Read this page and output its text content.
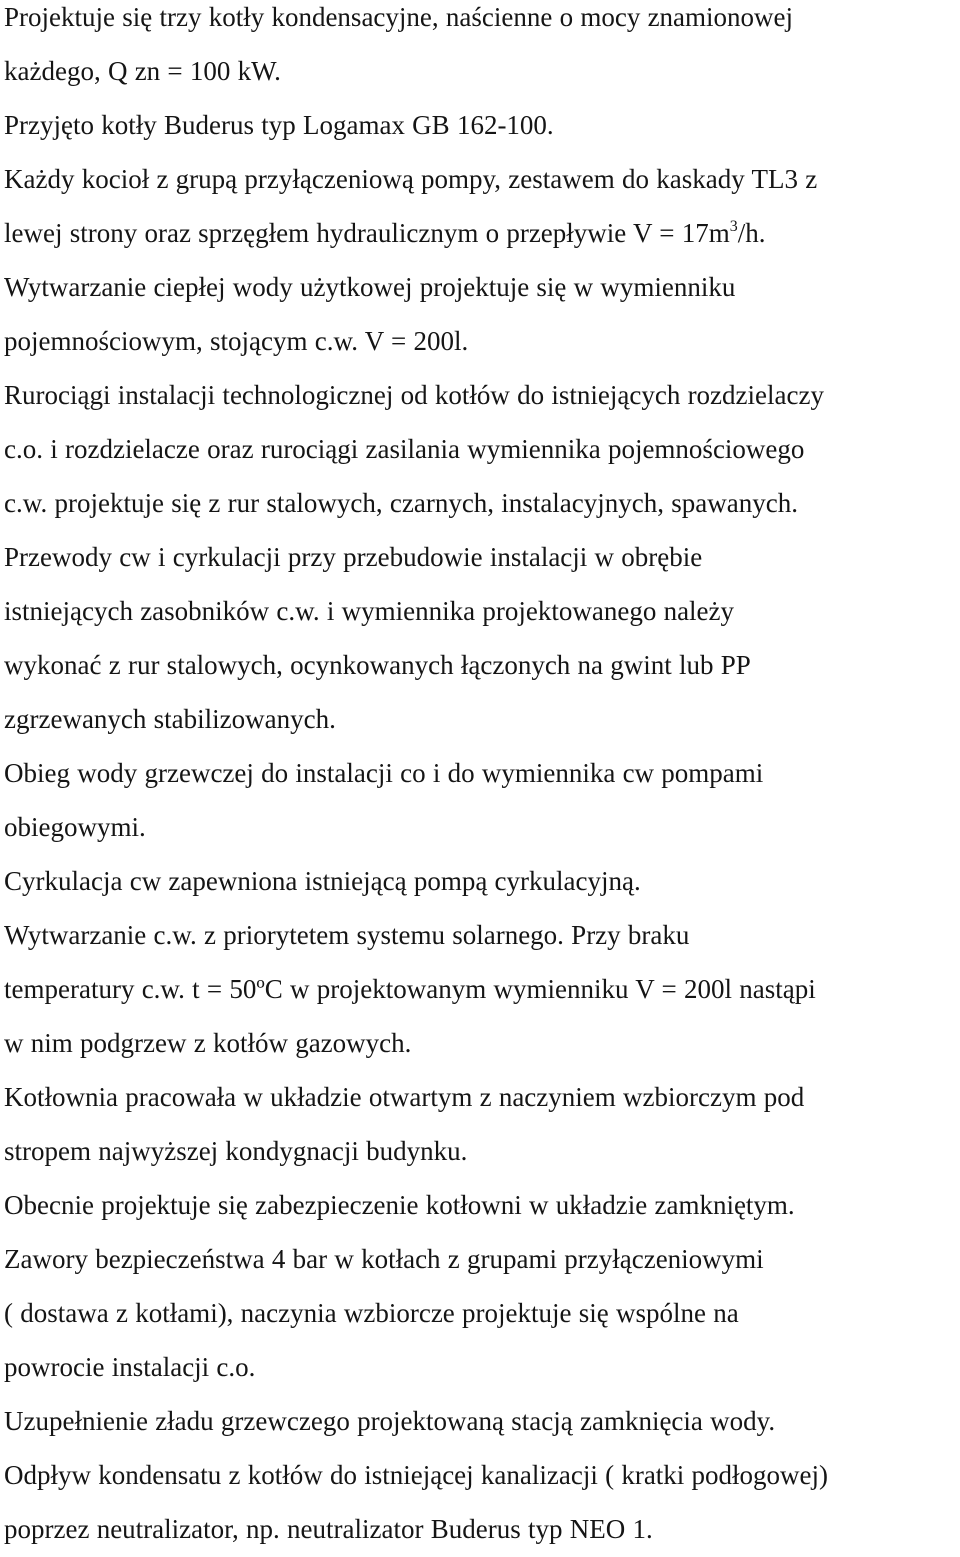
Projektuje się trzy kotły kondensacyjne, naścienne o mocy znamionowej

każdego, Q zn = 100 kW.

Przyjęto kotły Buderus typ Logamax GB 162-100.

Każdy kocioł z grupą przyłączeniową pompy, zestawem do kaskady TL3 z

lewej strony oraz sprzęgłem hydraulicznym o przepływie $V = 17m^3/h$.

Wytwarzanie ciepłej wody użytkowej projektuje się w wymienniku

pojemnościowym, stojącym c.w. V = 200l.

Rurociągi instalacji technologicznej od kotłów do istniejących rozdzielaczy

c.o. i rozdzielacze oraz rurociągi zasilania wymiennika pojemnościowego

c.w. projektuje się z rur stalowych, czarnych, instalacyjnych, spawanych.

Przewody cw i cyrkulacji przy przebudowie instalacji w obrębie

istniejących zasobników c.w. i wymiennika projektowanego należy

wykonać z rur stalowych, ocynkowanych łączonych na gwint lub PP

zgrzewanych stabilizowanych.

Obieg wody grzewczej do instalacji co i do wymiennika cw pompami

obiegowymi.

Cyrkulacja cw zapewniona istniejącą pompą cyrkulacyjną.

Wytwarzanie c.w. z priorytetem systemu solarnego. Przy braku

temperatury c.w. t = 50ºC w projektowanym wymienniku V = 200l nastąpi

w nim podgrzew z kotłów gazowych.

Kotłownia pracowała w układzie otwartym z naczyniem wzbiorczym pod

stropem najwyższej kondygnacji budynku.

Obecnie projektuje się zabezpieczenie kotłowni w układzie zamkniętym.

Zawory bezpieczeństwa 4 bar w kotłach z grupami przyłączeniowymi

( dostawa z kotłami), naczynia wzbiorcze projektuje się wspólne na

powrocie instalacji c.o.

Uzupełnienie zładu grzewczego projektowaną stacją zamknięcia wody.

Odpływ kondensatu z kotłów do istniejącej kanalizacji ( kratki podłogowej)

poprzez neutralizator, np. neutralizator Buderus typ NEO 1.
